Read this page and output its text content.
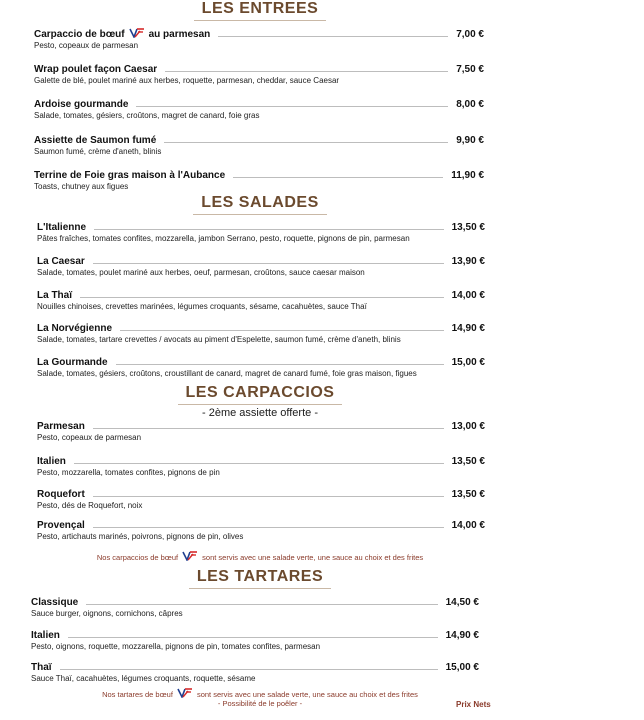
LES ENTREES
Carpaccio de bœuf au parmesan	7,00 €
Pesto, copeaux de parmesan
Wrap poulet façon Caesar	7,50 €
Galette de blé, poulet mariné aux herbes, roquette, parmesan, cheddar, sauce Caesar
Ardoise gourmande	8,00 €
Salade, tomates, gésiers, croûtons, magret de canard, foie gras
Assiette de Saumon fumé	9,90 €
Saumon fumé, crème d'aneth, blinis
Terrine de Foie gras maison à l'Aubance	11,90 €
Toasts, chutney aux figues
LES SALADES
L'Italienne	13,50 €
Pâtes fraîches, tomates confites, mozzarella, jambon Serrano, pesto, roquette, pignons de pin, parmesan
La Caesar	13,90 €
Salade, tomates, poulet mariné aux herbes, oeuf, parmesan, croûtons, sauce caesar maison
La Thaï	14,00 €
Nouilles chinoises, crevettes marinées, légumes croquants, sésame, cacahuètes, sauce Thaï
La Norvégienne	14,90 €
Salade, tomates, tartare crevettes / avocats au piment d'Espelette, saumon fumé, crème d'aneth, blinis
La Gourmande	15,00 €
Salade, tomates, gésiers, croûtons, croustillant de canard, magret de canard fumé, foie gras maison, figues
LES CARPACCIOS
- 2ème assiette offerte -
Parmesan	13,00 €
Pesto, copeaux de parmesan
Italien	13,50 €
Pesto, mozzarella, tomates confites, pignons de pin
Roquefort	13,50 €
Pesto, dés de Roquefort, noix
Provençal	14,00 €
Pesto, artichauts marinés, poivrons, pignons de pin, olives
Nos carpaccios de bœuf	sont servis avec une salade verte, une sauce au choix et des frites
LES TARTARES
Classique	14,50 €
Sauce burger, oignons, cornichons, câpres
Italien	14,90 €
Pesto, oignons, roquette, mozzarella, pignons de pin, tomates confites, parmesan
Thaï	15,00 €
Sauce Thaï, cacahuètes, légumes croquants, roquette, sésame
Nos tartares de bœuf	sont servis avec une salade verte, une sauce au choix et des frites
- Possibilité de le poêler -	Prix Nets
